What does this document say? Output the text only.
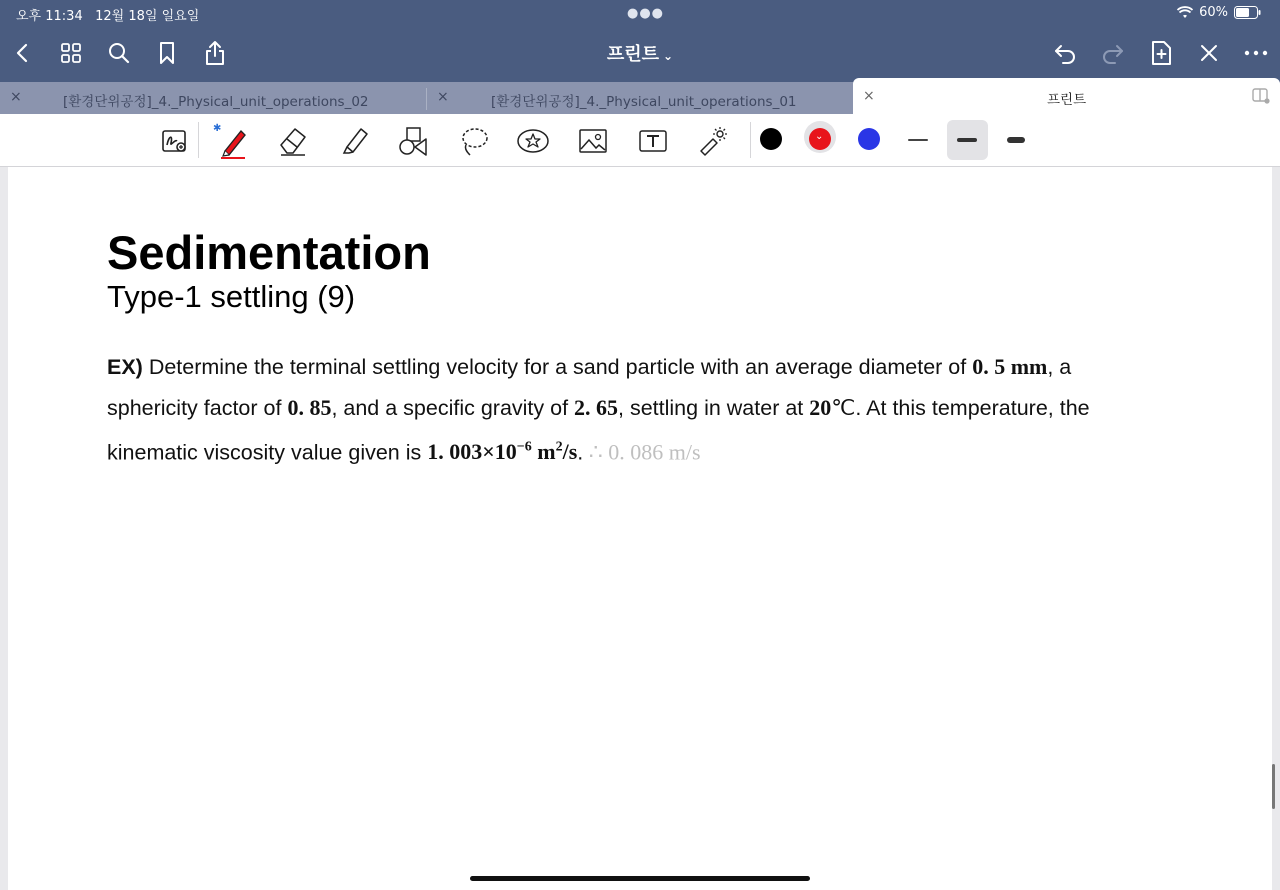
오후 11:34 12월 18일 일요일	●●●	60%
프린트 ⌄
×	[환경단위공정]_4._Physical_unit_operations_02	×	[환경단위공정]_4._Physical_unit_operations_01	×	프린트
✱
⌄
Sedimentation
Type-1 settling (9)
EX) Determine the terminal settling velocity for a sand particle with an average diameter of 0. 5 mm, a sphericity factor of 0. 85, and a specific gravity of 2. 65, settling in water at 20℃. At this temperature, the kinematic viscosity value given is 1. $003\times 10^{-6}$ $m^2/s$. ∴ 0. 086 m/s
